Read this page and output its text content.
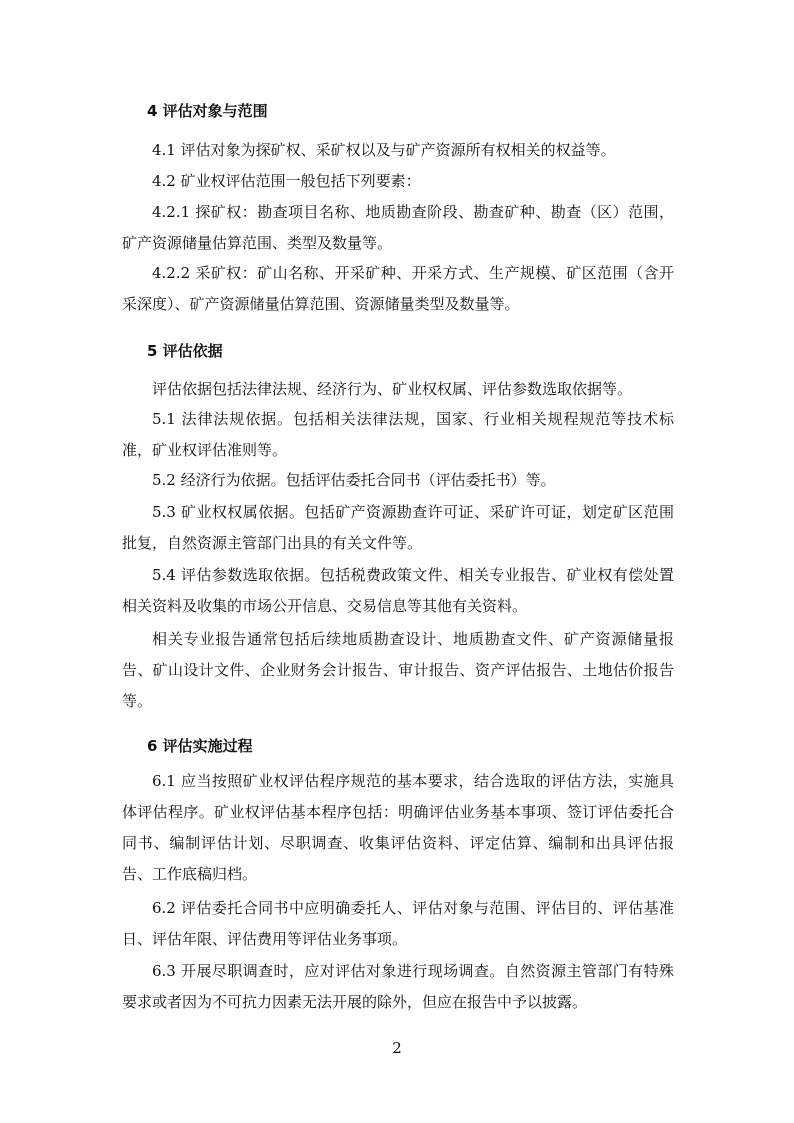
4 评估对象与范围
4.1 评估对象为探矿权、采矿权以及与矿产资源所有权相关的权益等。
4.2 矿业权评估范围一般包括下列要素：
4.2.1 探矿权：勘查项目名称、地质勘查阶段、勘查矿种、勘查（区）范围，矿产资源储量估算范围、类型及数量等。
4.2.2 采矿权：矿山名称、开采矿种、开采方式、生产规模、矿区范围（含开采深度）、矿产资源储量估算范围、资源储量类型及数量等。
5 评估依据
评估依据包括法律法规、经济行为、矿业权权属、评估参数选取依据等。
5.1 法律法规依据。包括相关法律法规，国家、行业相关规程规范等技术标准，矿业权评估准则等。
5.2 经济行为依据。包括评估委托合同书（评估委托书）等。
5.3 矿业权权属依据。包括矿产资源勘查许可证、采矿许可证，划定矿区范围批复，自然资源主管部门出具的有关文件等。
5.4 评估参数选取依据。包括税费政策文件、相关专业报告、矿业权有偿处置相关资料及收集的市场公开信息、交易信息等其他有关资料。
相关专业报告通常包括后续地质勘查设计、地质勘查文件、矿产资源储量报告、矿山设计文件、企业财务会计报告、审计报告、资产评估报告、土地估价报告等。
6 评估实施过程
6.1 应当按照矿业权评估程序规范的基本要求，结合选取的评估方法，实施具体评估程序。矿业权评估基本程序包括：明确评估业务基本事项、签订评估委托合同书、编制评估计划、尽职调查、收集评估资料、评定估算、编制和出具评估报告、工作底稿归档。
6.2 评估委托合同书中应明确委托人、评估对象与范围、评估目的、评估基准日、评估年限、评估费用等评估业务事项。
6.3 开展尽职调查时，应对评估对象进行现场调查。自然资源主管部门有特殊要求或者因为不可抗力因素无法开展的除外，但应在报告中予以披露。
2
